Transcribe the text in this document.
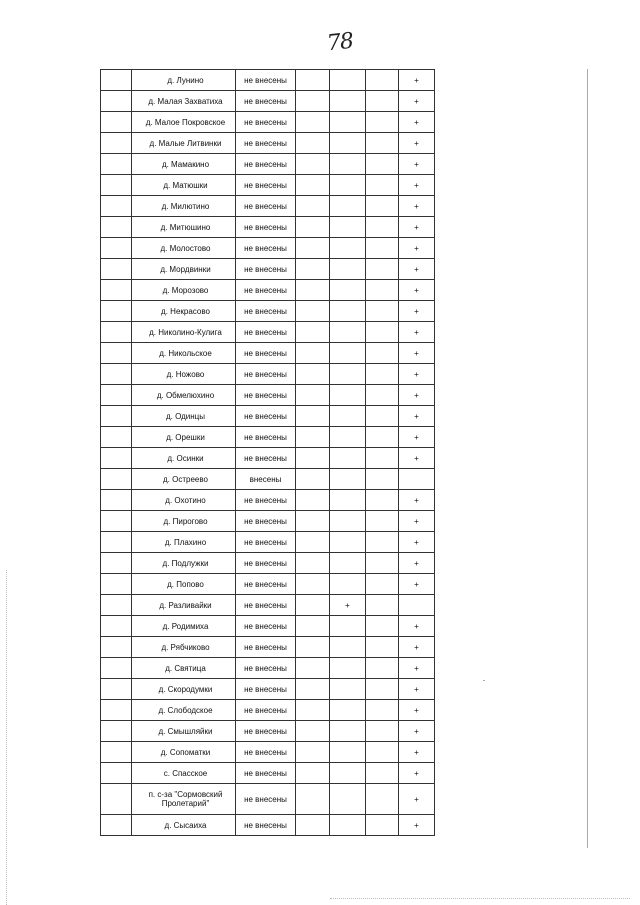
78
	д. Лунино	не внесены				+
	д. Малая Захватиха	не внесены				+
	д. Малое Покровское	не внесены				+
	д. Малые Литвинки	не внесены				+
	д. Мамакино	не внесены				+
	д. Матюшки	не внесены				+
	д. Милютино	не внесены				+
	д. Митюшино	не внесены				+
	д. Молостово	не внесены				+
	д. Мордвинки	не внесены				+
	д. Морозово	не внесены				+
	д. Некрасово	не внесены				+
	д. Николино-Кулига	не внесены				+
	д. Никольское	не внесены				+
	д. Ножово	не внесены				+
	д. Обмелюхино	не внесены				+
	д. Одинцы	не внесены				+
	д. Орешки	не внесены				+
	д. Осинки	не внесены				+
	д. Остреево	внесены				
	д. Охотино	не внесены				+
	д. Пирогово	не внесены				+
	д. Плахино	не внесены				+
	д. Подлужки	не внесены				+
	д. Попово	не внесены				+
	д. Разливайки	не внесены		+		
	д. Родимиха	не внесены				+
	д. Рябчиково	не внесены				+
	д. Святица	не внесены				+
	д. Скородумки	не внесены				+
	д. Слободское	не внесены				+
	д. Смышляйки	не внесены				+
	д. Сопоматки	не внесены				+
	с. Спасское	не внесены				+
	п. с-за "Сормовский Пролетарий"	не внесены				+
	д. Сысаиха	не внесены				+
